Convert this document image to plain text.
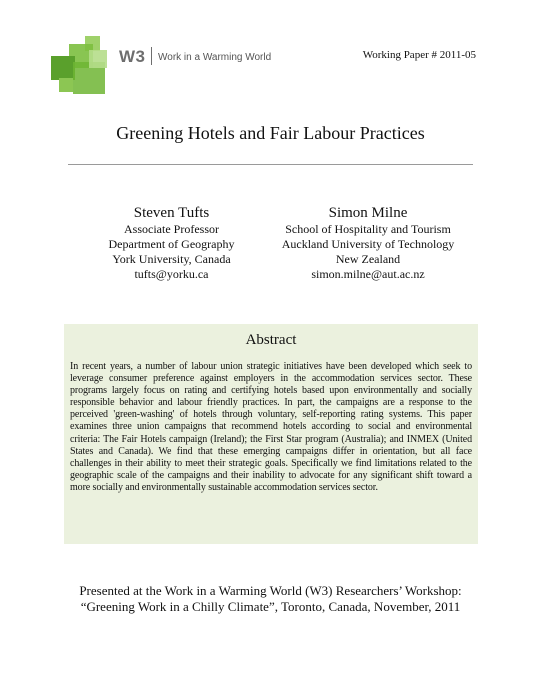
W3 Work in a Warming World	Working Paper # 2011-05
Greening Hotels and Fair Labour Practices
Steven Tufts
Associate Professor
Department of Geography
York University, Canada
tufts@yorku.ca
Simon Milne
School of Hospitality and Tourism
Auckland University of Technology
New Zealand
simon.milne@aut.ac.nz
Abstract
In recent years, a number of labour union strategic initiatives have been developed which seek to leverage consumer preference against employers in the accommodation services sector. These programs largely focus on rating and certifying hotels based upon environmentally and socially responsible behavior and labour friendly practices. In part, the campaigns are a response to the perceived 'green-washing' of hotels through voluntary, self-reporting rating systems. This paper examines three union campaigns that recommend hotels according to social and environmental criteria: The Fair Hotels campaign (Ireland); the First Star program (Australia); and INMEX (United States and Canada). We find that these emerging campaigns differ in orientation, but all face challenges in their ability to meet their strategic goals. Specifically we find limitations related to the geographic scale of the campaigns and their inability to advocate for any significant shift toward a more socially and environmentally sustainable accommodation services sector.
Presented at the Work in a Warming World (W3) Researchers’ Workshop:
“Greening Work in a Chilly Climate”, Toronto, Canada, November, 2011
